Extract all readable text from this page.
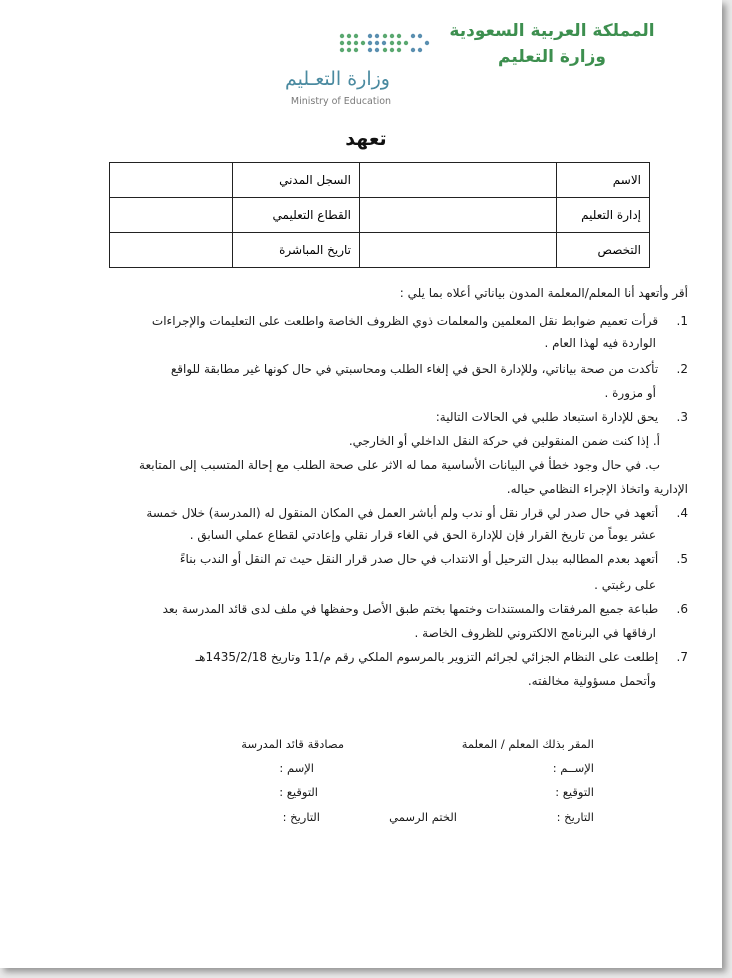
المملكة العربية السعودية
وزارة التعليم
وزارة التعـليم
Ministry of Education
تعهد
الاسم		السجل المدني	
إدارة التعليم		القطاع التعليمي	
التخصص		تاريخ المباشرة	
أقر وأتعهد أنا المعلم/المعلمة المدون بياناتي أعلاه بما يلي :
1. قرأت تعميم ضوابط نقل المعلمين والمعلمات ذوي الظروف الخاصة واطلعت على التعليمات والإجراءات
الواردة فيه لهذا العام .
2. تأكدت من صحة بياناتي، وللإدارة الحق في إلغاء الطلب ومحاسبتي في حال كونها غير مطابقة للواقع
أو مزورة .
3. يحق للإدارة استبعاد طلبي في الحالات التالية:
أ. إذا كنت ضمن المنقولين في حركة النقل الداخلي أو الخارجي.
ب. في حال وجود خطأ في البيانات الأساسية مما له الاثر على صحة الطلب مع إحالة المتسبب إلى المتابعة
الإدارية واتخاذ الإجراء النظامي حياله.
4. أتعهد في حال صدر لي قرار نقل أو ندب ولم أباشر العمل في المكان المنقول له (المدرسة) خلال خمسة
عشر يوماً من تاريخ القرار فإن للإدارة الحق في الغاء قرار نقلي وإعادتي لقطاع عملي السابق .
5. أتعهد بعدم المطالبه ببدل الترحيل أو الانتداب في حال صدر قرار النقل حيث تم النقل أو الندب بناءً
على رغبتي .
6. طباعة جميع المرفقات والمستندات وختمها بختم طبق الأصل وحفظها في ملف لدى قائد المدرسة بعد
ارفاقها في البرنامج الالكتروني للظروف الخاصة .
7. إطلعت على النظام الجزائي لجرائم التزوير بالمرسوم الملكي رقم م/11 وتاريخ 1435/2/18هـ
وأتحمل مسؤولية مخالفته.
المقر بذلك المعلم / المعلمة
مصادقة قائد المدرسة
الإســم :
الإسم :
التوقيع :
التوقيع :
التاريخ :
الختم الرسمي
التاريخ :
